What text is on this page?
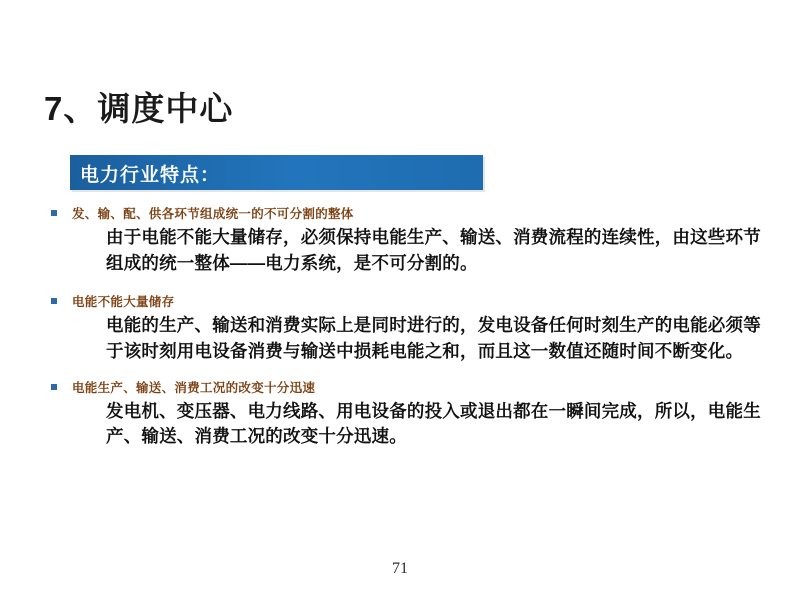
7、调度中心
电力行业特点：
发、输、配、供各环节组成统一的不可分割的整体
由于电能不能大量储存，必须保持电能生产、输送、消费流程的连续性，由这些环节组成的统一整体——电力系统，是不可分割的。
电能不能大量储存
电能的生产、输送和消费实际上是同时进行的，发电设备任何时刻生产的电能必须等于该时刻用电设备消费与输送中损耗电能之和，而且这一数值还随时间不断变化。
电能生产、输送、消费工况的改变十分迅速
发电机、变压器、电力线路、用电设备的投入或退出都在一瞬间完成，所以，电能生产、输送、消费工况的改变十分迅速。
71
